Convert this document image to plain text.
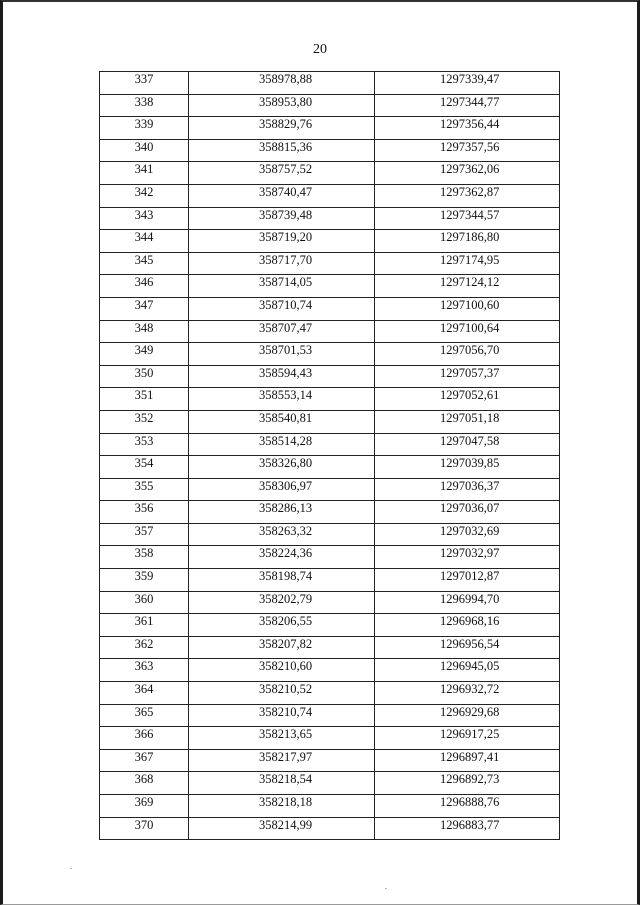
20
337	358978,88	1297339,47
338	358953,80	1297344,77
339	358829,76	1297356,44
340	358815,36	1297357,56
341	358757,52	1297362,06
342	358740,47	1297362,87
343	358739,48	1297344,57
344	358719,20	1297186,80
345	358717,70	1297174,95
346	358714,05	1297124,12
347	358710,74	1297100,60
348	358707,47	1297100,64
349	358701,53	1297056,70
350	358594,43	1297057,37
351	358553,14	1297052,61
352	358540,81	1297051,18
353	358514,28	1297047,58
354	358326,80	1297039,85
355	358306,97	1297036,37
356	358286,13	1297036,07
357	358263,32	1297032,69
358	358224,36	1297032,97
359	358198,74	1297012,87
360	358202,79	1296994,70
361	358206,55	1296968,16
362	358207,82	1296956,54
363	358210,60	1296945,05
364	358210,52	1296932,72
365	358210,74	1296929,68
366	358213,65	1296917,25
367	358217,97	1296897,41
368	358218,54	1296892,73
369	358218,18	1296888,76
370	358214,99	1296883,77
